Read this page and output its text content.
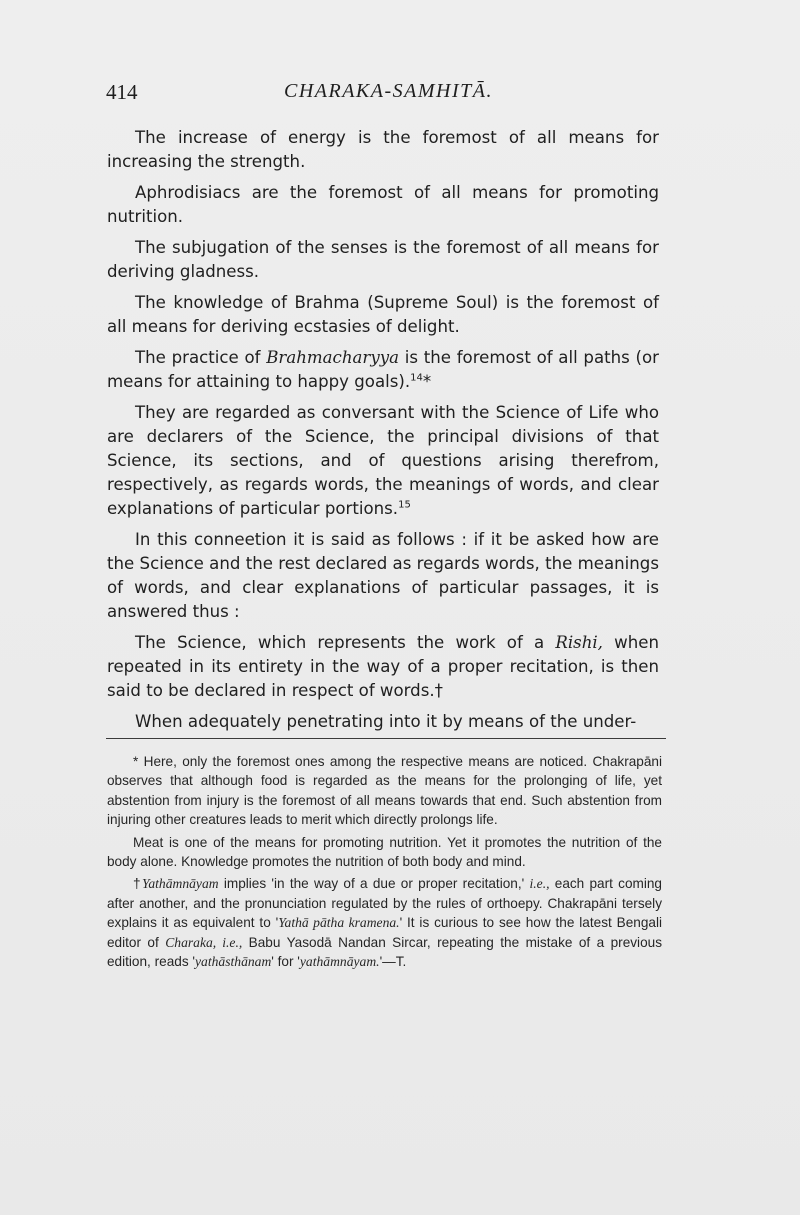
414	CHARAKA-SAMHITĀ.

The increase of energy is the foremost of all means for increasing the strength.

Aphrodisiacs are the foremost of all means for promoting nutrition.

The subjugation of the senses is the foremost of all means for deriving gladness.

The knowledge of Brahma (Supreme Soul) is the foremost of all means for deriving ecstasies of delight.

The practice of Brahmacharyya is the foremost of all paths (or means for attaining to happy goals).$^{14}$*

They are regarded as conversant with the Science of Life who are declarers of the Science, the principal divisions of that Science, its sections, and of questions arising therefrom, respectively, as regards words, the meanings of words, and clear explanations of particular portions.$^{15}$

In this conneetion it is said as follows : if it be asked how are the Science and the rest declared as regards words, the meanings of words, and clear explanations of particular passages, it is answered thus :

The Science, which represents the work of a Rishi, when repeated in its entirety in the way of a proper recitation, is then said to be declared in respect of words.†

When adequately penetrating into it by means of the under-

* Here, only the foremost ones among the respective means are noticed. Chakrapāni observes that although food is regarded as the means for the prolonging of life, yet abstention from injury is the foremost of all means towards that end. Such abstention from injuring other creatures leads to merit which directly prolongs life.

Meat is one of the means for promoting nutrition. Yet it promotes the nutrition of the body alone. Knowledge promotes the nutrition of both body and mind.

†Yathāmnāyam implies 'in the way of a due or proper recitation,' i.e., each part coming after another, and the pronunciation regulated by the rules of orthoepy. Chakrapāni tersely explains it as equivalent to 'Yathā pātha kramena.' It is curious to see how the latest Bengali editor of Charaka, i.e., Babu Yasodā Nandan Sircar, repeating the mistake of a previous edition, reads 'yathāsthānam' for 'yathāmnāyam.'—T.
